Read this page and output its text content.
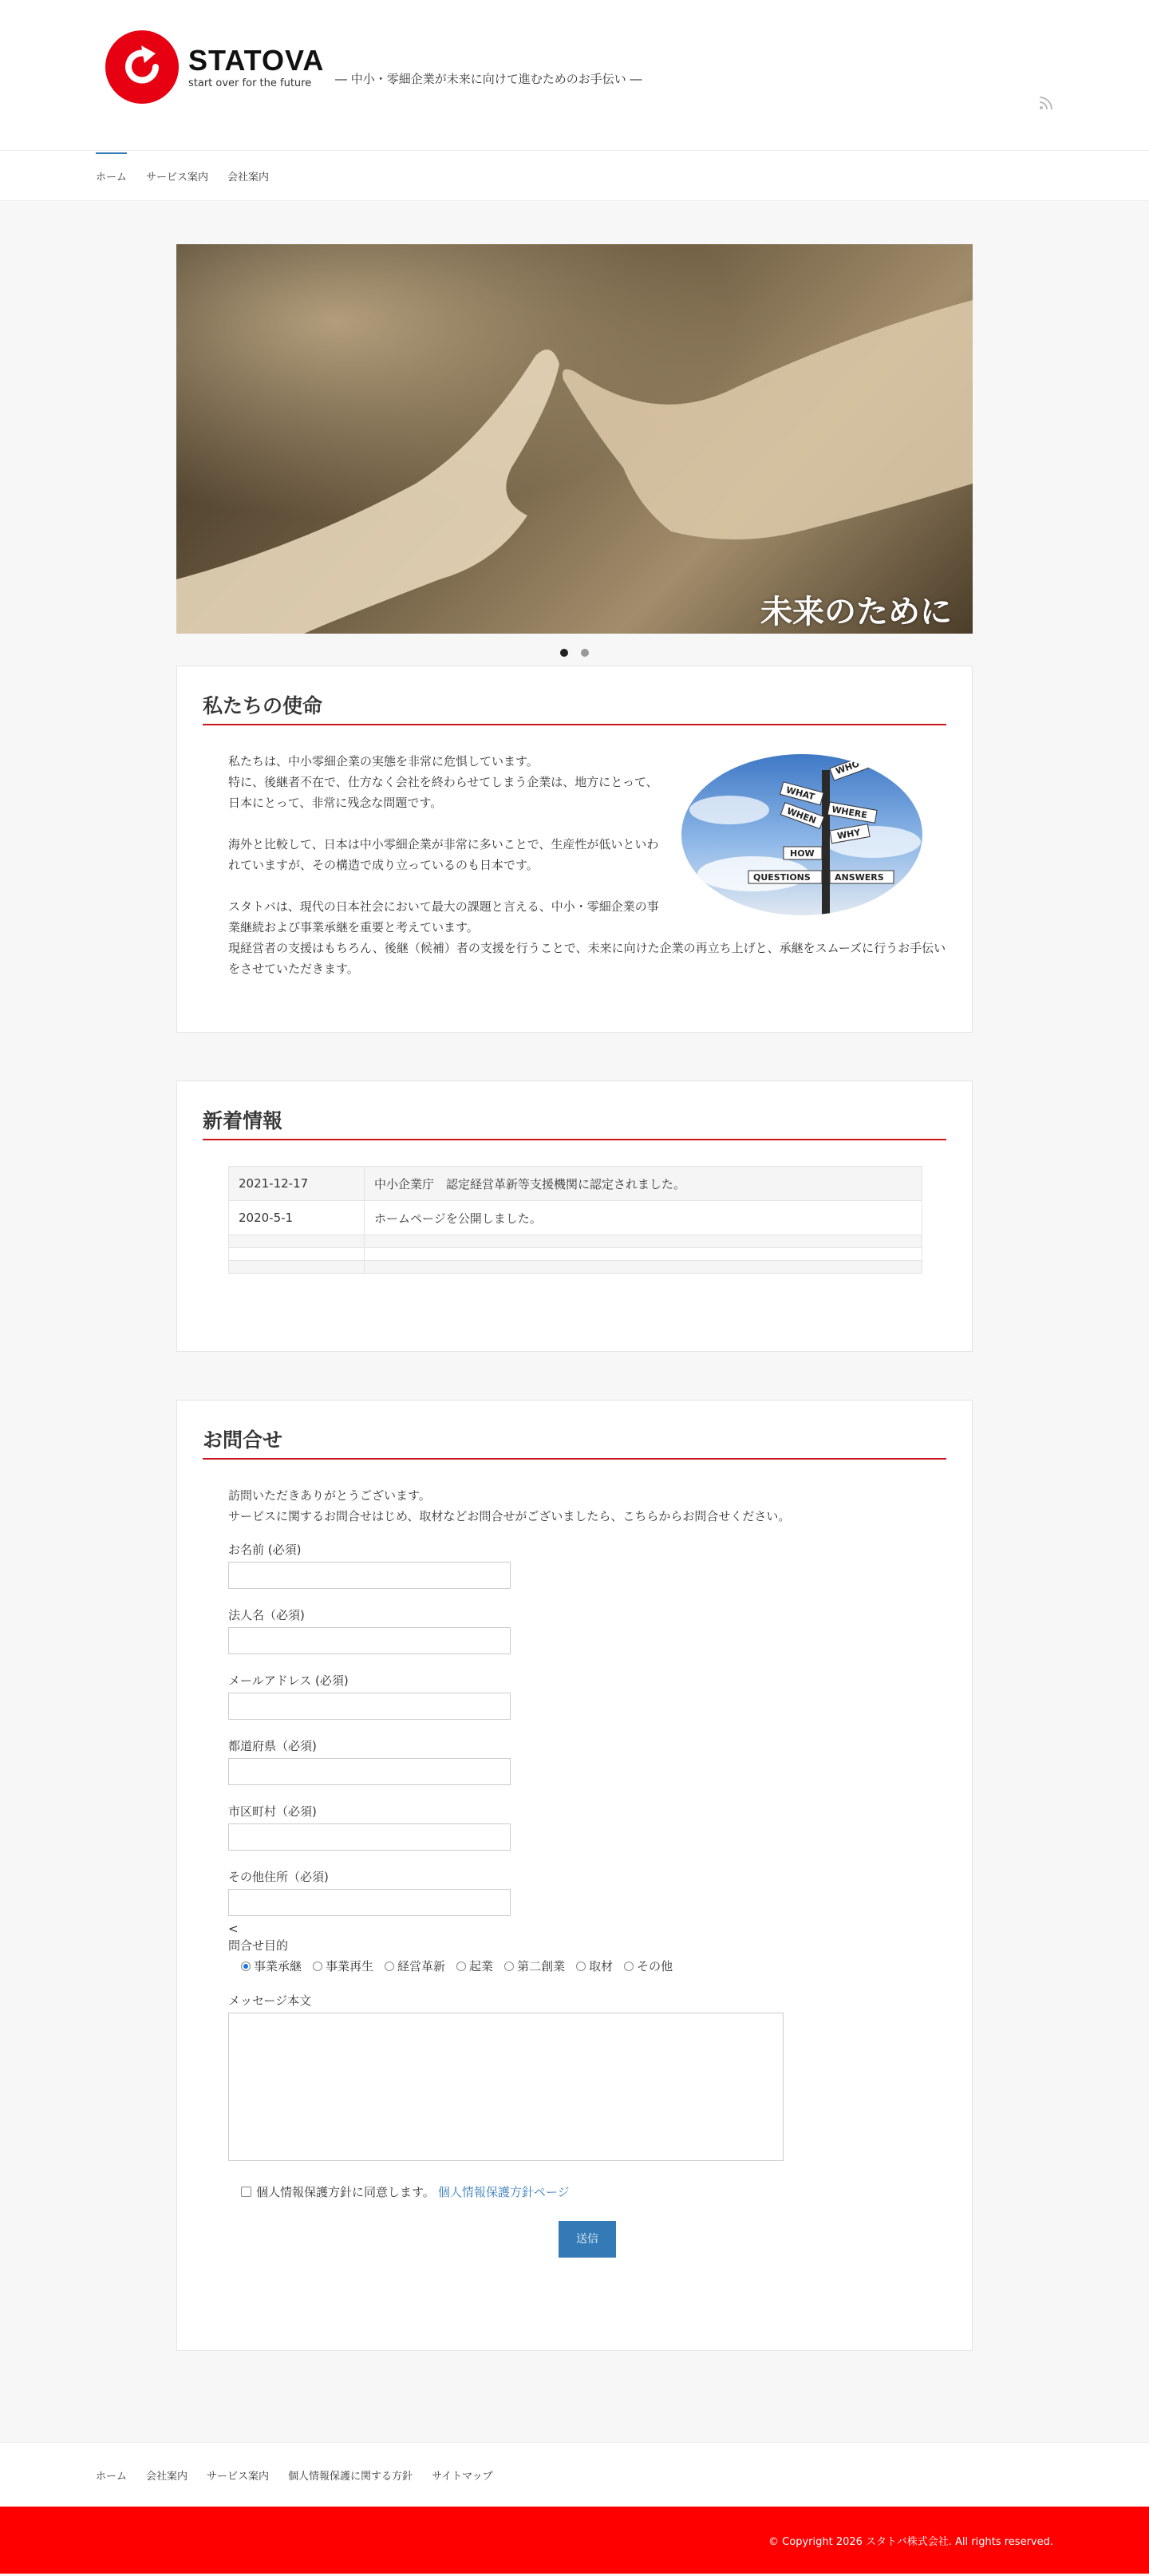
STATOVA
start over for the future	― 中小・零細企業が未来に向けて進むためのお手伝い ―
ホーム サービス案内 会社案内
未来のために

私たちの使命
WHO
WHAT
WHERE
WHEN
WHY
HOW
QUESTIONS	ANSWERS

私たちは、中小零細企業の実態を非常に危惧しています。
特に、後継者不在で、仕方なく会社を終わらせてしまう企業は、地方にとって、日本にとって、非常に残念な問題です。

海外と比較して、日本は中小零細企業が非常に多いことで、生産性が低いといわれていますが、その構造で成り立っているのも日本です。

スタトバは、現代の日本社会において最大の課題と言える、中小・零細企業の事業継続および事業承継を重要と考えています。
現経営者の支援はもちろん、後継（候補）者の支援を行うことで、未来に向けた企業の再立ち上げと、承継をスムーズに行うお手伝いをさせていただきます。

新着情報
2021-12-17	中小企業庁　認定経営革新等支援機関に認定されました。
2020-5-1	ホームページを公開しました。

お問合せ

訪問いただきありがとうございます。

サービスに関するお問合せはじめ、取材などお問合せがございましたら、こちらからお問合せください。

お名前 (必須)
法人名（必須)
メールアドレス (必須)
都道府県（必須)
市区町村（必須)
その他住所（必須)
<
問合せ目的
事業承継 事業再生 経営革新 起業 第二創業 取材 その他
メッセージ本文
個人情報保護方針に同意します。 個人情報保護方針ページ
送信
ホーム 会社案内 サービス案内 個人情報保護に関する方針 サイトマップ
© Copyright 2026 スタトバ株式会社. All rights reserved.
